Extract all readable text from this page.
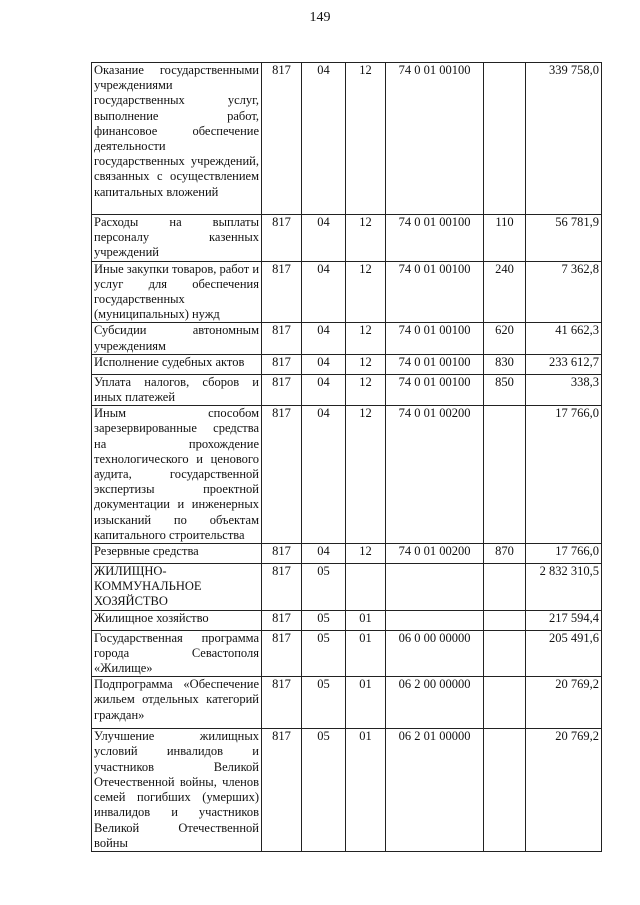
149
Оказание государственными учреждениями государственных услуг, выполнение работ, финансовое обеспечение деятельности государственных учреждений, связанных с осуществлением капитальных вложений	817	04	12	74 0 01 00100		339 758,0
Расходы на выплаты персоналу казенных учреждений	817	04	12	74 0 01 00100	110	56 781,9
Иные закупки товаров, работ и услуг для обеспечения государственных (муниципальных) нужд	817	04	12	74 0 01 00100	240	7 362,8
Субсидии автономным учреждениям	817	04	12	74 0 01 00100	620	41 662,3
Исполнение судебных актов	817	04	12	74 0 01 00100	830	233 612,7
Уплата налогов, сборов и иных платежей	817	04	12	74 0 01 00100	850	338,3
Иным способом зарезервированные средства на прохождение технологического и ценового аудита, государственной экспертизы проектной документации и инженерных изысканий по объектам капитального строительства	817	04	12	74 0 01 00200		17 766,0
Резервные средства	817	04	12	74 0 01 00200	870	17 766,0
ЖИЛИЩНО-КОММУНАЛЬНОЕ ХОЗЯЙСТВО	817	05				2 832 310,5
Жилищное хозяйство	817	05	01			217 594,4
Государственная программа города Севастополя «Жилище»	817	05	01	06 0 00 00000		205 491,6
Подпрограмма «Обеспечение жильем отдельных категорий граждан»	817	05	01	06 2 00 00000		20 769,2
Улучшение жилищных условий инвалидов и участников Великой Отечественной войны, членов семей погибших (умерших) инвалидов и участников Великой Отечественной войны	817	05	01	06 2 01 00000		20 769,2
